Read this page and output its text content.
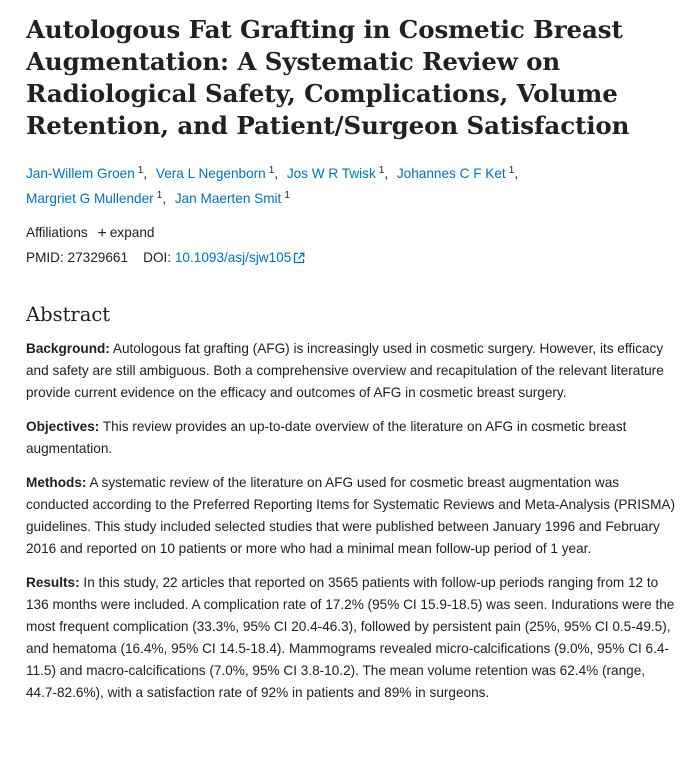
Autologous Fat Grafting in Cosmetic Breast Augmentation: A Systematic Review on Radiological Safety, Complications, Volume Retention, and Patient/Surgeon Satisfaction
Jan-Willem Groen $^1$, Vera L Negenborn $^1$, Jos W R Twisk $^1$, Johannes C F Ket $^1$,
Margriet G Mullender $^1$, Jan Maerten Smit $^1$
Affiliations + expand
PMID: 27329661 DOI: 10.1093/asj/sjw105
Abstract

Background: Autologous fat grafting (AFG) is increasingly used in cosmetic surgery. However, its efficacy and safety are still ambiguous. Both a comprehensive overview and recapitulation of the relevant literature provide current evidence on the efficacy and outcomes of AFG in cosmetic breast surgery.

Objectives: This review provides an up-to-date overview of the literature on AFG in cosmetic breast augmentation.

Methods: A systematic review of the literature on AFG used for cosmetic breast augmentation was conducted according to the Preferred Reporting Items for Systematic Reviews and Meta-Analysis (PRISMA) guidelines. This study included selected studies that were published between January 1996 and February 2016 and reported on 10 patients or more who had a minimal mean follow-up period of 1 year.

Results: In this study, 22 articles that reported on 3565 patients with follow-up periods ranging from 12 to 136 months were included. A complication rate of 17.2% (95% CI 15.9-18.5) was seen. Indurations were the most frequent complication (33.3%, 95% CI 20.4-46.3), followed by persistent pain (25%, 95% CI 0.5-49.5), and hematoma (16.4%, 95% CI 14.5-18.4). Mammograms revealed micro-calcifications (9.0%, 95% CI 6.4-11.5) and macro-calcifications (7.0%, 95% CI 3.8-10.2). The mean volume retention was 62.4% (range, 44.7-82.6%), with a satisfaction rate of 92% in patients and 89% in surgeons.
